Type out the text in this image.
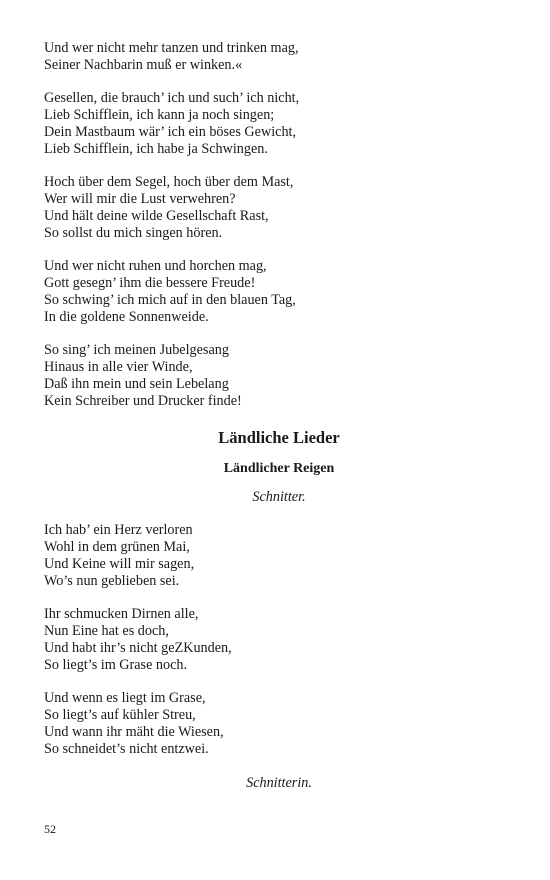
Und wer nicht mehr tanzen und trinken mag,
Seiner Nachbarin muß er winken.«
Gesellen, die brauch’ ich und such’ ich nicht,
Lieb Schifflein, ich kann ja noch singen;
Dein Mastbaum wär’ ich ein böses Gewicht,
Lieb Schifflein, ich habe ja Schwingen.
Hoch über dem Segel, hoch über dem Mast,
Wer will mir die Lust verwehren?
Und hält deine wilde Gesellschaft Rast,
So sollst du mich singen hören.
Und wer nicht ruhen und horchen mag,
Gott gesegn’ ihm die bessere Freude!
So schwing’ ich mich auf in den blauen Tag,
In die goldene Sonnenweide.
So sing’ ich meinen Jubelgesang
Hinaus in alle vier Winde,
Daß ihn mein und sein Lebelang
Kein Schreiber und Drucker finde!
Ländliche Lieder
Ländlicher Reigen
Schnitter.
Ich hab’ ein Herz verloren
Wohl in dem grünen Mai,
Und Keine will mir sagen,
Wo’s nun geblieben sei.
Ihr schmucken Dirnen alle,
Nun Eine hat es doch,
Und habt ihr’s nicht geZKunden,
So liegt’s im Grase noch.
Und wenn es liegt im Grase,
So liegt’s auf kühler Streu,
Und wann ihr mäht die Wiesen,
So schneidet’s nicht entzwei.
Schnitterin.
52
